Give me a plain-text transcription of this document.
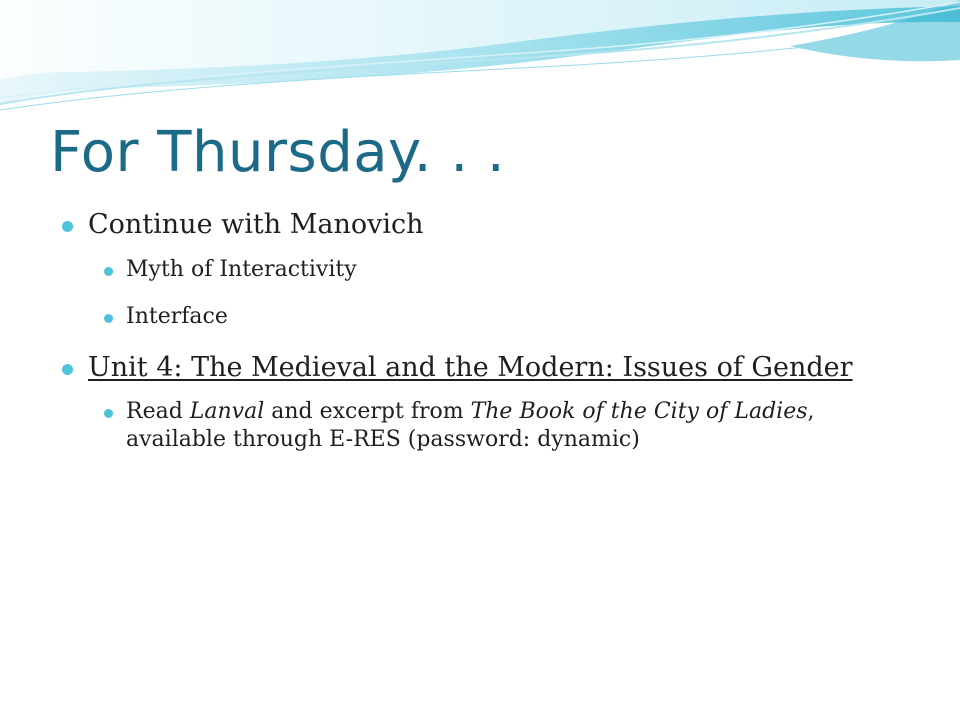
For Thursday. . .
Continue with Manovich
Myth of Interactivity
Interface
Unit 4: The Medieval and the Modern: Issues of Gender
Read Lanval and excerpt from The Book of the City of Ladies, available through E-RES (password: dynamic)
